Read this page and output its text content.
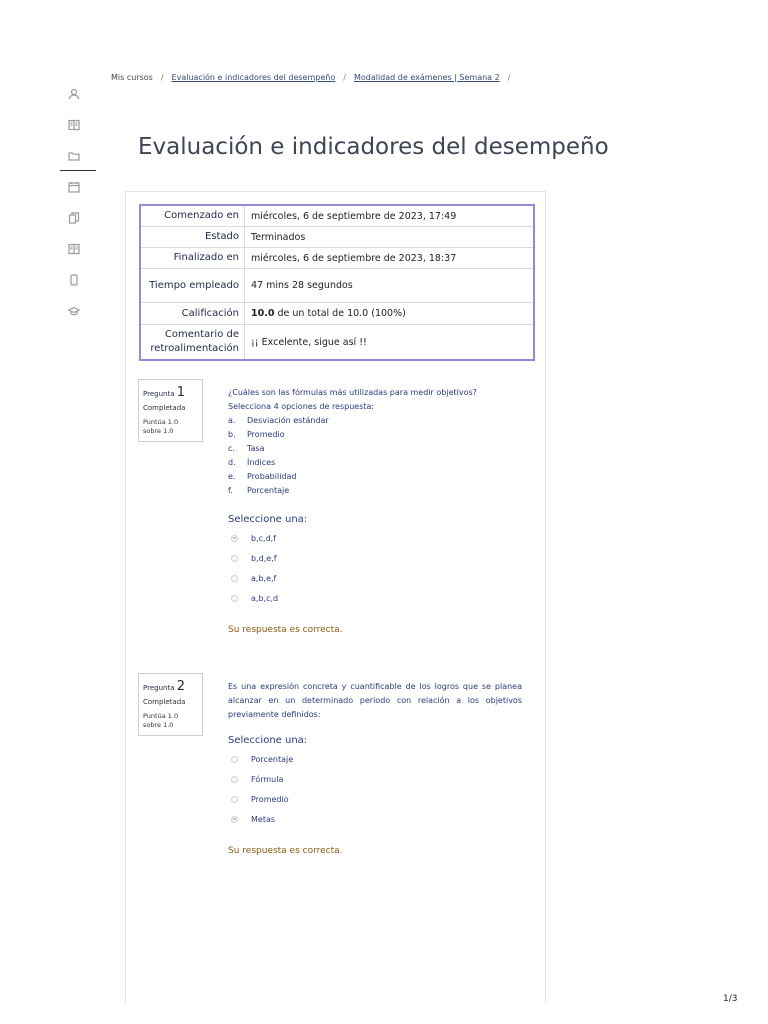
Mis cursos / Evaluación e indicadores del desempeño / Modalidad de exámenes | Semana 2 /
Evaluación e indicadores del desempeño
Comenzado en	miércoles, 6 de septiembre de 2023, 17:49
Estado	Terminados
Finalizado en	miércoles, 6 de septiembre de 2023, 18:37
Tiempo empleado	47 mins 28 segundos
Calificación	10.0 de un total de 10.0 (100%)
Comentario de retroalimentación	¡¡ Excelente, sigue así !!
Pregunta 1
Completada
Puntúa 1.0 sobre 1.0
¿Cuáles son las fórmulas más utilizadas para medir objetivos?
Selecciona 4 opciones de respuesta:
a. Desviación estándar
b. Promedio
c. Tasa
d. Índices
e. Probabilidad
f. Porcentaje
Seleccione una:
b,c,d,f
b,d,e,f
a,b,e,f
a,b,c,d
Su respuesta es correcta.
Pregunta 2
Completada
Puntúa 1.0 sobre 1.0
Es una expresión concreta y cuantificable de los logros que se planea alcanzar en un determinado periodo con relación a los objetivos previamente definidos:
Seleccione una:
Porcentaje
Fórmula
Promedio
Metas
Su respuesta es correcta.
1/3
